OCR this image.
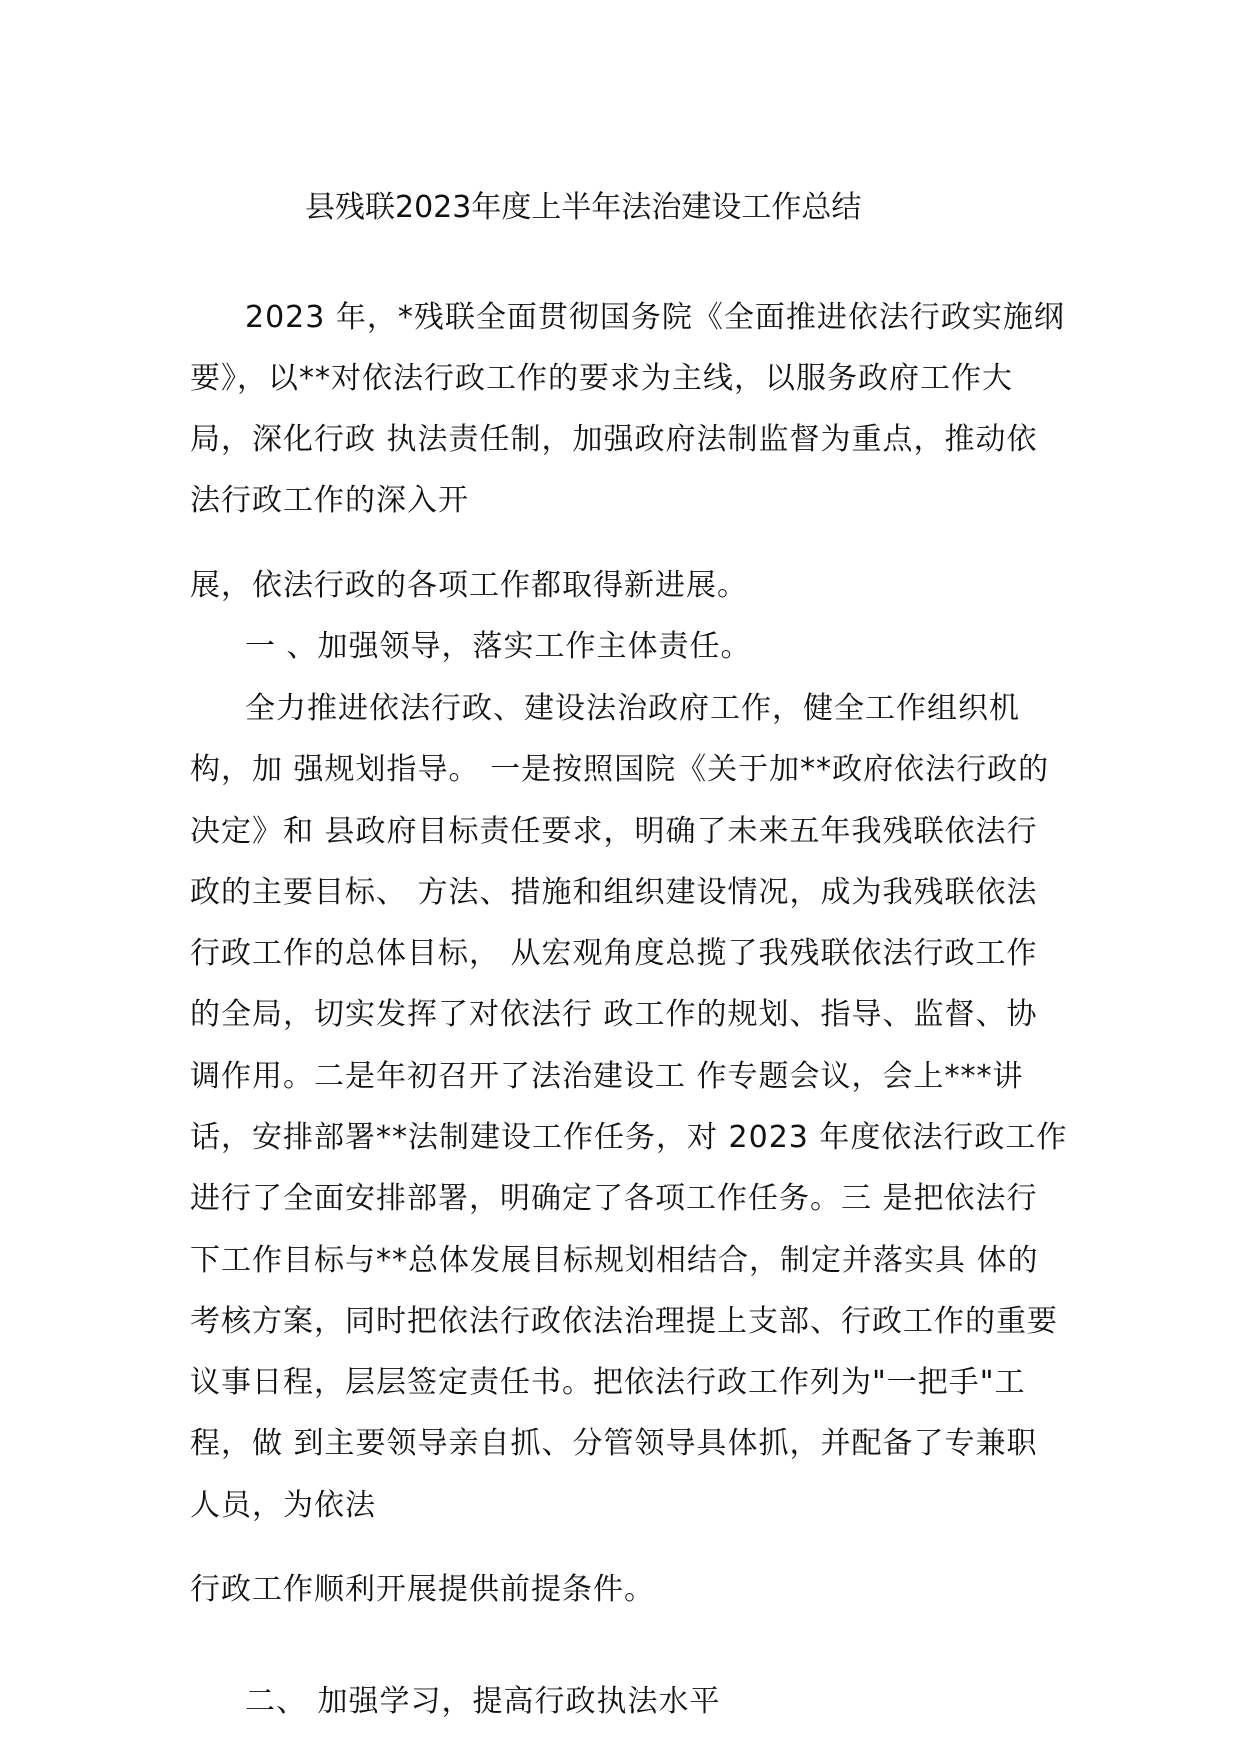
县残联2023年度上半年法治建设工作总结
2023 年，*残联全面贯彻国务院《全面推进依法行政实施纲
要》，以**对依法行政工作的要求为主线，以服务政府工作大
局，深化行政 执法责任制，加强政府法制监督为重点，推动依
法行政工作的深入开
展，依法行政的各项工作都取得新进展。
一 、加强领导，落实工作主体责任。
全力推进依法行政、建设法治政府工作，健全工作组织机
构，加 强规划指导。 一是按照国院《关于加**政府依法行政的
决定》和 县政府目标责任要求，明确了未来五年我残联依法行
政的主要目标、 方法、措施和组织建设情况，成为我残联依法
行政工作的总体目标， 从宏观角度总揽了我残联依法行政工作
的全局，切实发挥了对依法行 政工作的规划、指导、监督、协
调作用。二是年初召开了法治建设工 作专题会议，会上***讲
话，安排部署**法制建设工作任务，对 2023 年度依法行政工作
进行了全面安排部署，明确定了各项工作任务。三 是把依法行
下工作目标与**总体发展目标规划相结合，制定并落实具 体的
考核方案，同时把依法行政依法治理提上支部、行政工作的重要
议事日程，层层签定责任书。把依法行政工作列为"一把手"工
程，做 到主要领导亲自抓、分管领导具体抓，并配备了专兼职
人员，为依法
行政工作顺利开展提供前提条件。
二、 加强学习，提高行政执法水平
